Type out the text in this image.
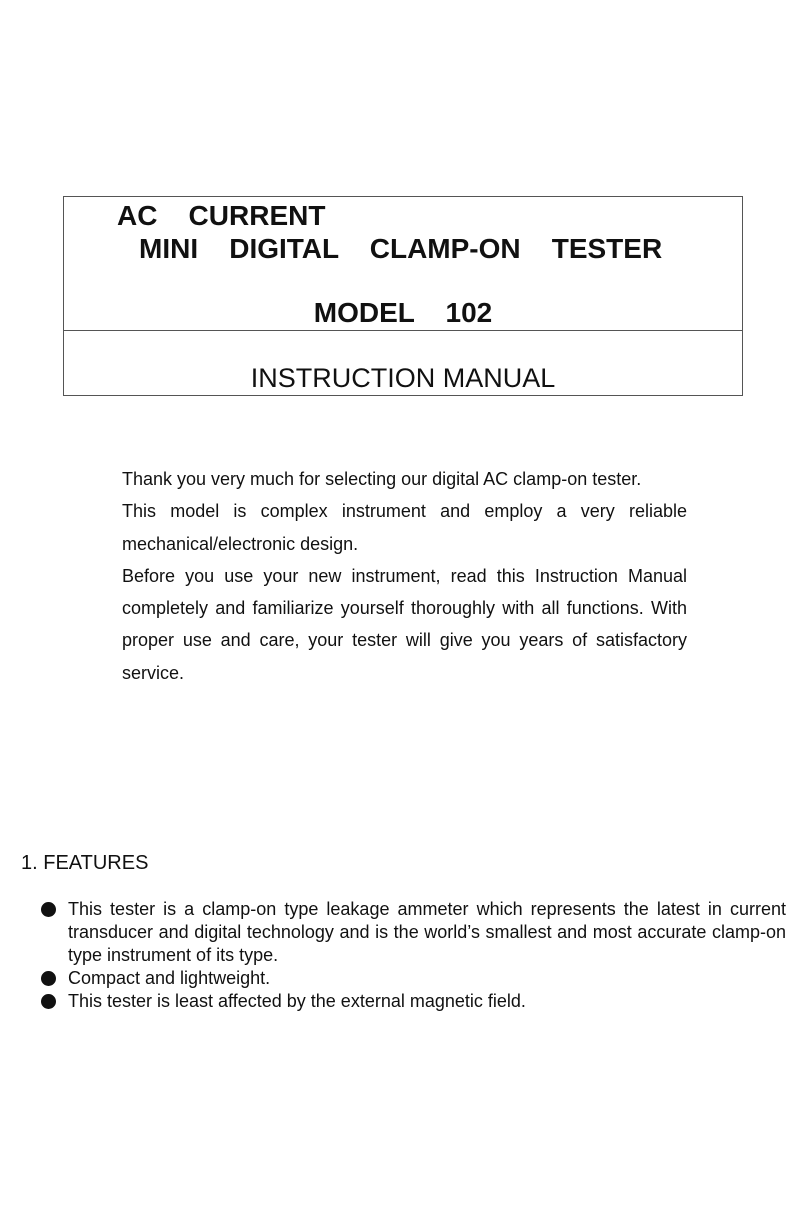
AC    CURRENT
MINI    DIGITAL    CLAMP-ON    TESTER
MODEL    102
INSTRUCTION MANUAL

Thank you very much for selecting our digital AC clamp-on tester.

This model is complex instrument and employ a very reliable mechanical/electronic design.

Before you use your new instrument, read this Instruction Manual completely and familiarize yourself thoroughly with all functions. With proper use and care, your tester will give you years of satisfactory service.

1. FEATURES
This tester is a clamp-on type leakage ammeter which represents the latest in current transducer and digital technology and is the world’s smallest and most accurate clamp-on type instrument of its type.
Compact and lightweight.
This tester is least affected by the external magnetic field.
